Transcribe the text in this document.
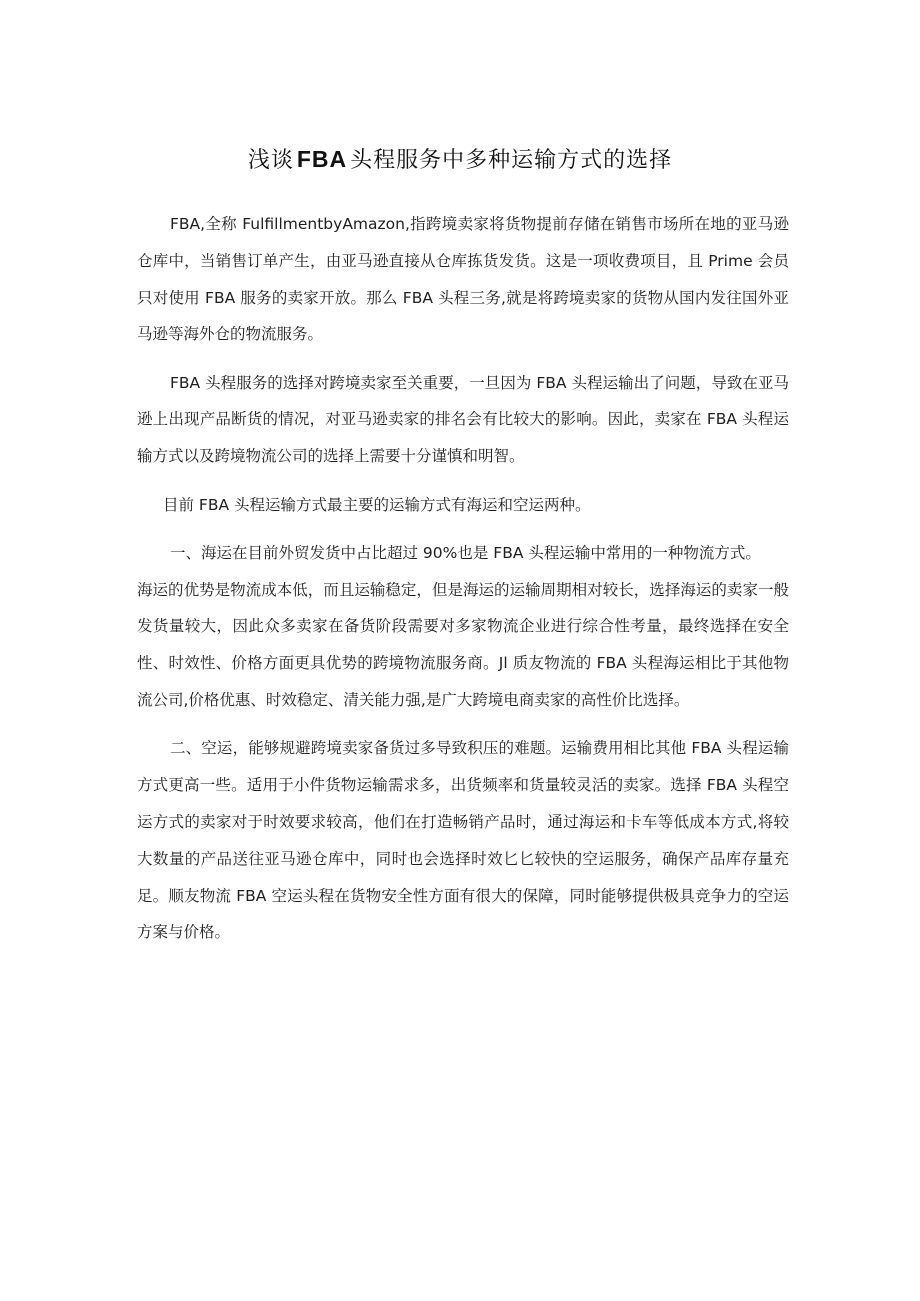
浅谈 FBA 头程服务中多种运输方式的选择

FBA,全称 FulfillmentbyAmazon,指跨境卖家将货物提前存储在销售市场所在地的亚马逊仓库中，当销售订单产生，由亚马逊直接从仓库拣货发货。这是一项收费项目，且 Prime 会员只对使用 FBA 服务的卖家开放。那么 FBA 头程三务,就是将跨境卖家的货物从国内发往国外亚马逊等海外仓的物流服务。

FBA 头程服务的选择对跨境卖家至关重要，一旦因为 FBA 头程运输出了问题，导致在亚马逊上出现产品断货的情况，对亚马逊卖家的排名会有比较大的影响。因此，卖家在 FBA 头程运输方式以及跨境物流公司的选择上需要十分谨慎和明智。

目前 FBA 头程运输方式最主要的运输方式有海运和空运两种。

一、海运在目前外贸发货中占比超过 90%也是 FBA 头程运输中常用的一种物流方式。

海运的优势是物流成本低，而且运输稳定，但是海运的运输周期相对较长，选择海运的卖家一般发货量较大，因此众多卖家在备货阶段需要对多家物流企业进行综合性考量，最终选择在安全性、时效性、价格方面更具优势的跨境物流服务商。Jl 质友物流的 FBA 头程海运相比于其他物流公司,价格优惠、时效稳定、清关能力强,是广大跨境电商卖家的高性价比选择。

二、空运，能够规避跨境卖家备货过多导致积压的难题。运输费用相比其他 FBA 头程运输方式更高一些。适用于小件货物运输需求多，出货频率和货量较灵活的卖家。选择 FBA 头程空运方式的卖家对于时效要求较高，他们在打造畅销产品时，通过海运和卡车等低成本方式,将较大数量的产品送往亚马逊仓库中，同时也会选择时效匕匕较快的空运服务，确保产品库存量充足。顺友物流 FBA 空运头程在货物安全性方面有很大的保障，同时能够提供极具竞争力的空运方案与价格。
